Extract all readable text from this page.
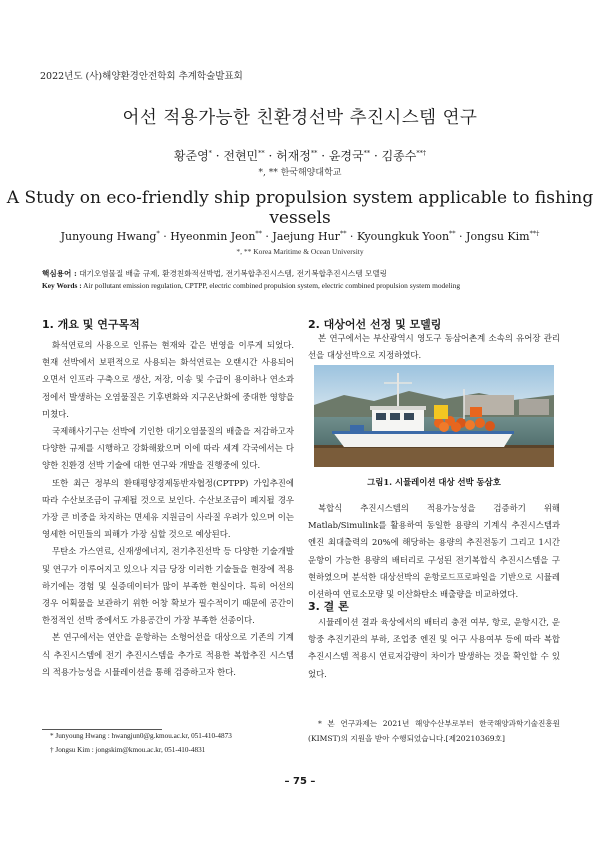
2022년도 (사)해양환경안전학회 추계학술발표회
어선 적용가능한 친환경선박 추진시스템 연구
황준영* · 전현민** · 허재정** · 윤경국** · 김종수**†
*, ** 한국해양대학교
A Study on eco-friendly ship propulsion system applicable to fishing vessels
Junyoung Hwang* · Hyeonmin Jeon** · Jaejung Hur** · Kyoungkuk Yoon** · Jongsu Kim**†
*, ** Korea Maritime & Ocean University
핵심용어 : 대기오염물질 배출 규제, 환경친화적선박법, 전기복합추진시스템, 전기복합추진시스템 모델링
Key Words : Air pollutant emission regulation, CPTPP, electric combined propulsion system, electric combined propulsion system modeling
1. 개요 및 연구목적

화석연료의 사용으로 인류는 현재와 같은 번영을 이루게 되었다. 현재 선박에서 보편적으로 사용되는 화석연료는 오랜시간 사용되어 오면서 인프라 구축으로 생산, 저장, 이송 및 수급이 용이하나 연소과정에서 발생하는 오염물질은 기후변화와 지구온난화에 중대한 영향을 미쳤다.

국제해사기구는 선박에 기인한 대기오염물질의 배출을 저감하고자 다양한 규제를 시행하고 강화해왔으며 이에 따라 세계 각국에서는 다양한 친환경 선박 기술에 대한 연구와 개발을 진행중에 있다.

또한 최근 정부의 환태평양경제동반자협정(CPTPP) 가입추진에 따라 수산보조금이 규제될 것으로 보인다. 수산보조금이 폐지될 경우 가장 큰 비중을 차지하는 면세유 지원금이 사라질 우려가 있으며 이는 영세한 어민들의 피해가 가장 심할 것으로 예상된다.

무탄소 가스연료, 신재생에너지, 전기추진선박 등 다양한 기술개발 및 연구가 이루어지고 있으나 지금 당장 이러한 기술들을 현장에 적용하기에는 경험 및 실증데이터가 많이 부족한 현실이다. 특히 어선의 경우 어획물을 보관하기 위한 어창 확보가 필수적이기 때문에 공간이 한정적인 선박 중에서도 가용공간이 가장 부족한 선종이다.

본 연구에서는 연안을 운항하는 소형어선을 대상으로 기존의 기계식 추진시스템에 전기 추진시스템을 추가로 적용한 복합추진 시스템의 적용가능성을 시뮬레이션을 통해 검증하고자 한다.

* Junyoung Hwang : hwangjun0@g.kmou.ac.kr, 051-410-4873
† Jongsu Kim : jongskim@kmou.ac.kr, 051-410-4831
2. 대상어선 선정 및 모델링

본 연구에서는 부산광역시 영도구 동삼어촌계 소속의 유어장 관리선을 대상선박으로 지정하였다.

그림1. 시뮬레이션 대상 선박 동삼호

복합식 추진시스템의 적용가능성을 검증하기 위해 Matlab/Simulink를 활용하여 동일한 용량의 기계식 추진시스템과 엔진 최대출력의 20%에 해당하는 용량의 추진전동기 그리고 1시간 운항이 가능한 용량의 배터리로 구성된 전기복합식 추진시스템을 구현하였으며 분석한 대상선박의 운항로드프로파일을 기반으로 시뮬레이션하여 연료소모량 및 이산화탄소 배출량을 비교하였다.

3. 결 론

시뮬레이션 결과 육상에서의 배터리 충전 여부, 항로, 운항시간, 운항중 추진기관의 부하, 조업중 엔진 및 어구 사용여부 등에 따라 복합추진시스템 적용시 연료저감량이 차이가 발생하는 것을 확인할 수 있었다.

* 본 연구과제는 2021년 해양수산부로부터 한국해양과학기술진흥원(KIMST)의 지원을 받아 수행되었습니다.[제20210369호]
– 75 –
